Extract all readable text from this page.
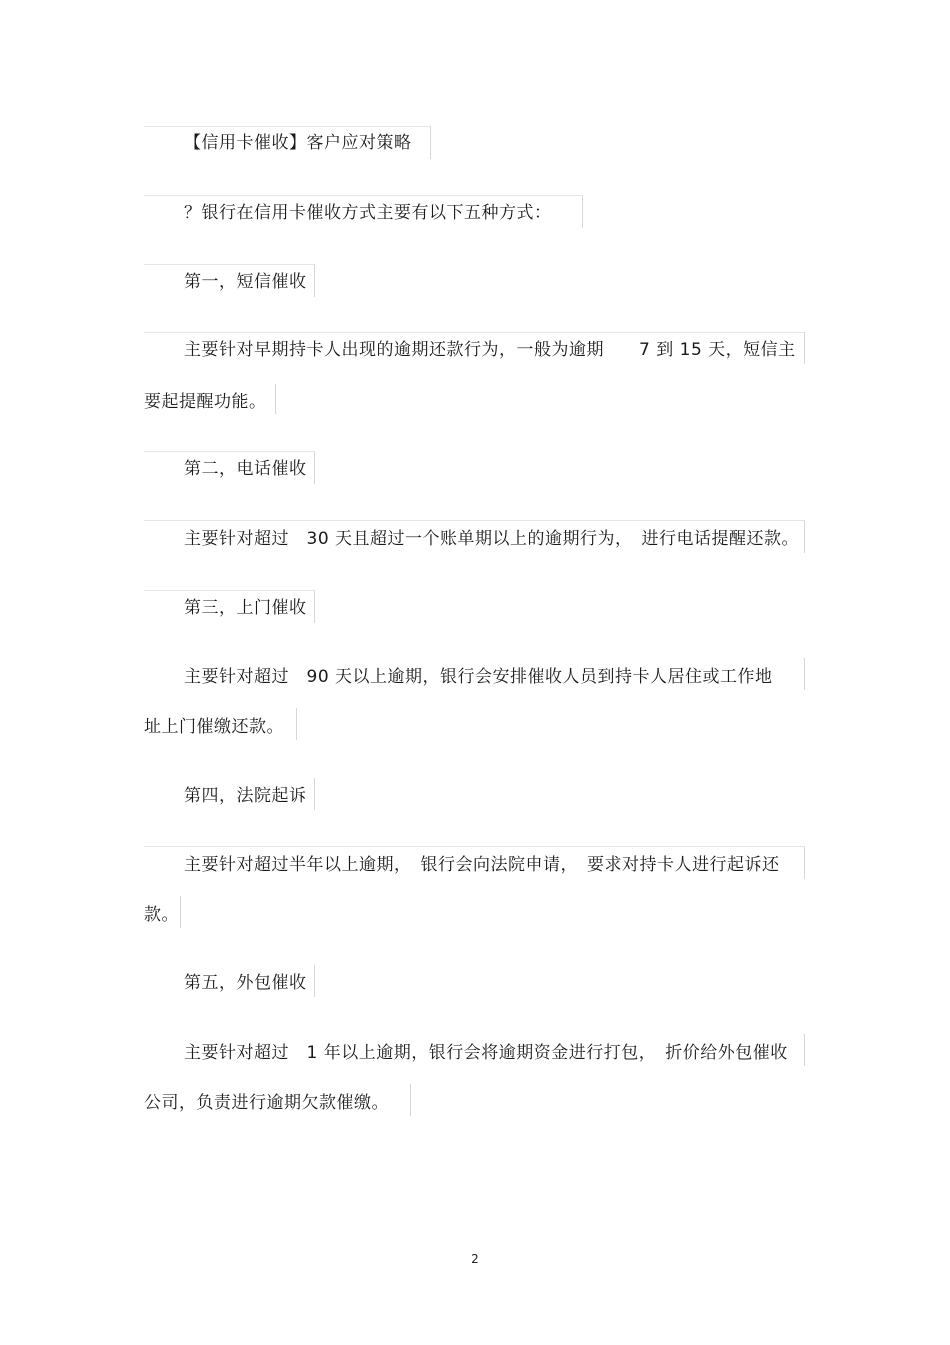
【信用卡催收】客户应对策略
？银行在信用卡催收方式主要有以下五种方式：
第一，短信催收
主要针对早期持卡人出现的逾期还款行为，一般为逾期　　7 到 15 天，短信主
要起提醒功能。
第二，电话催收
主要针对超过　30 天且超过一个账单期以上的逾期行为，　进行电话提醒还款。
第三，上门催收
主要针对超过　90 天以上逾期，银行会安排催收人员到持卡人居住或工作地
址上门催缴还款。
第四，法院起诉
主要针对超过半年以上逾期，　银行会向法院申请，　要求对持卡人进行起诉还
款。
第五，外包催收
主要针对超过　1 年以上逾期，银行会将逾期资金进行打包，　折价给外包催收
公司，负责进行逾期欠款催缴。
2
